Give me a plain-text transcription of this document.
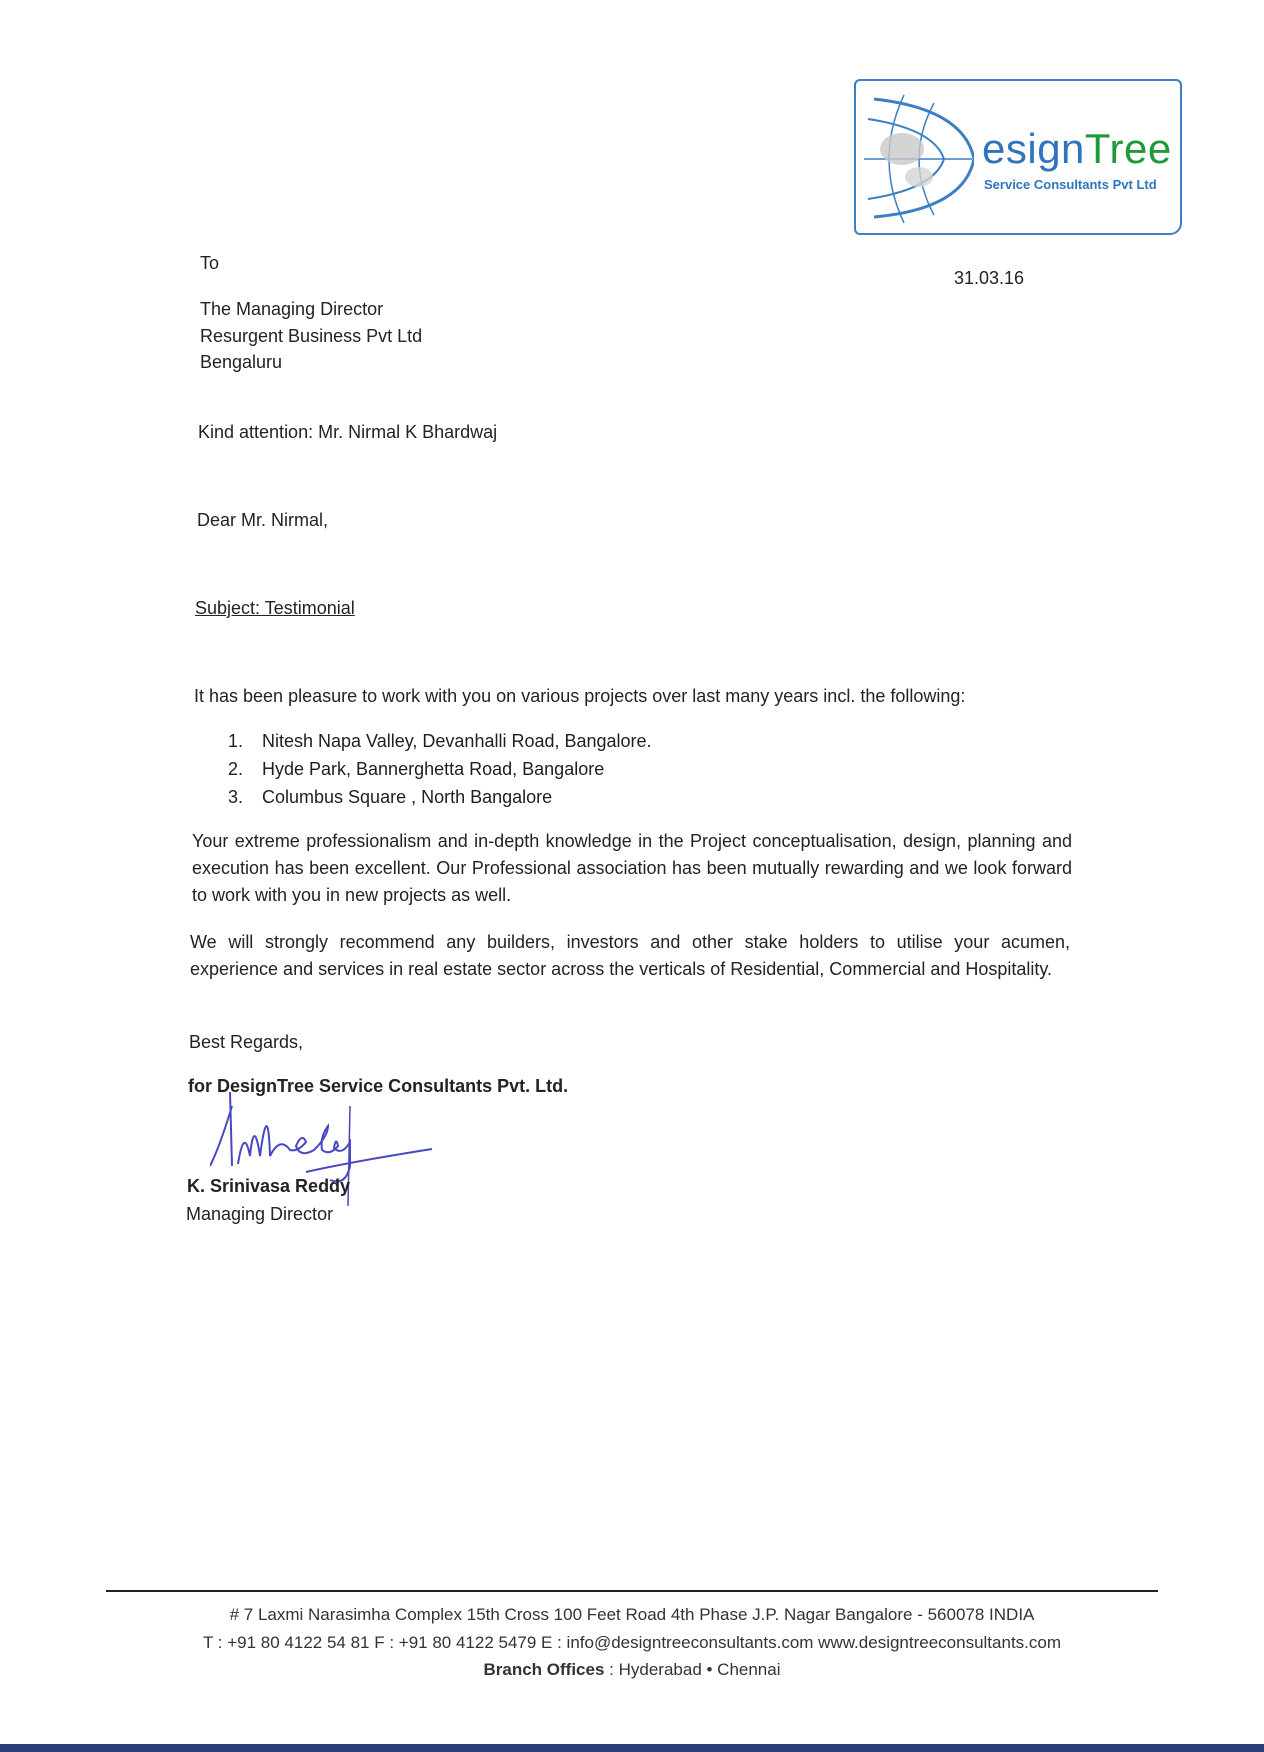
esignTree
Service Consultants Pvt Ltd
To
31.03.16
The Managing Director
Resurgent Business Pvt Ltd
Bengaluru
Kind attention: Mr. Nirmal K Bhardwaj
Dear Mr. Nirmal,
Subject: Testimonial
It has been pleasure to work with you on various projects over last many years incl. the following:
1. Nitesh Napa Valley, Devanhalli Road, Bangalore.
2. Hyde Park, Bannerghetta Road, Bangalore
3. Columbus Square , North Bangalore
Your extreme professionalism and in-depth knowledge in the Project conceptualisation, design, planning and execution has been excellent. Our Professional association has been mutually rewarding and we look forward to work with you in new projects as well.
We will strongly recommend any builders, investors and other stake holders to utilise your acumen, experience and services in real estate sector across the verticals of Residential, Commercial and Hospitality.
Best Regards,
for DesignTree Service Consultants Pvt. Ltd.
K. Srinivasa Reddy
Managing Director
# 7 Laxmi Narasimha Complex 15th Cross 100 Feet Road 4th Phase J.P. Nagar Bangalore - 560078 INDIA
T : +91 80 4122 54 81 F : +91 80 4122 5479 E : info@designtreeconsultants.com www.designtreeconsultants.com
Branch Offices : Hyderabad • Chennai
